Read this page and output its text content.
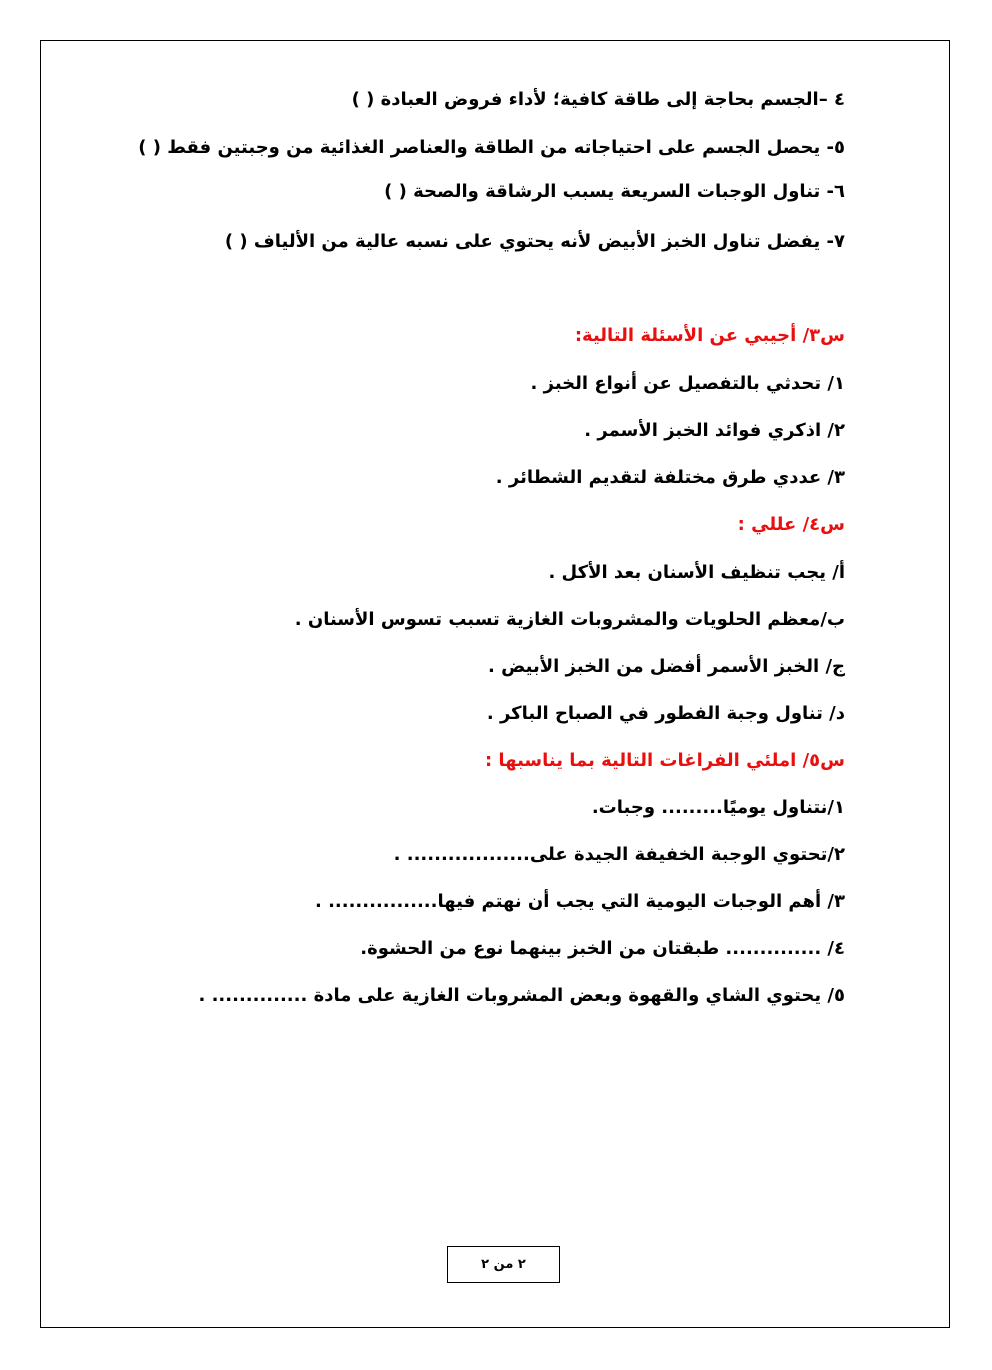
٤ –الجسم بحاجة إلى طاقة كافية؛ لأداء فروض العبادة ( )
٥- يحصل الجسم على احتياجاته من الطاقة والعناصر الغذائية من وجبتين فقط ( )
٦- تناول الوجبات السريعة يسبب الرشاقة والصحة ( )
٧- يفضل تناول الخبز الأبيض لأنه يحتوي على نسبه عالية من الألياف ( )
س٣/ أجيبي عن الأسئلة التالية:
١/ تحدثي بالتفصيل عن أنواع الخبز .
٢/ اذكري فوائد الخبز الأسمر .
٣/ عددي طرق مختلفة لتقديم الشطائر .
س٤/ عللي :
أ/ يجب تنظيف الأسنان بعد الأكل .
ب/معظم الحلويات والمشروبات الغازية تسبب تسوس الأسنان .
ج/ الخبز الأسمر أفضل من الخبز الأبيض .
د/ تناول وجبة الفطور في الصباح الباكر .
س٥/ املئي الفراغات التالية بما يناسبها :
١/نتناول يوميًا......... وجبات.
٢/تحتوي الوجبة الخفيفة الجيدة على.................. .
٣/ أهم الوجبات اليومية التي يجب أن نهتم فيها................ .
٤/ .............. طبقتان من الخبز بينهما نوع من الحشوة.
٥/ يحتوي الشاي والقهوة وبعض المشروبات الغازية على مادة .............. .
٢ من ٢
